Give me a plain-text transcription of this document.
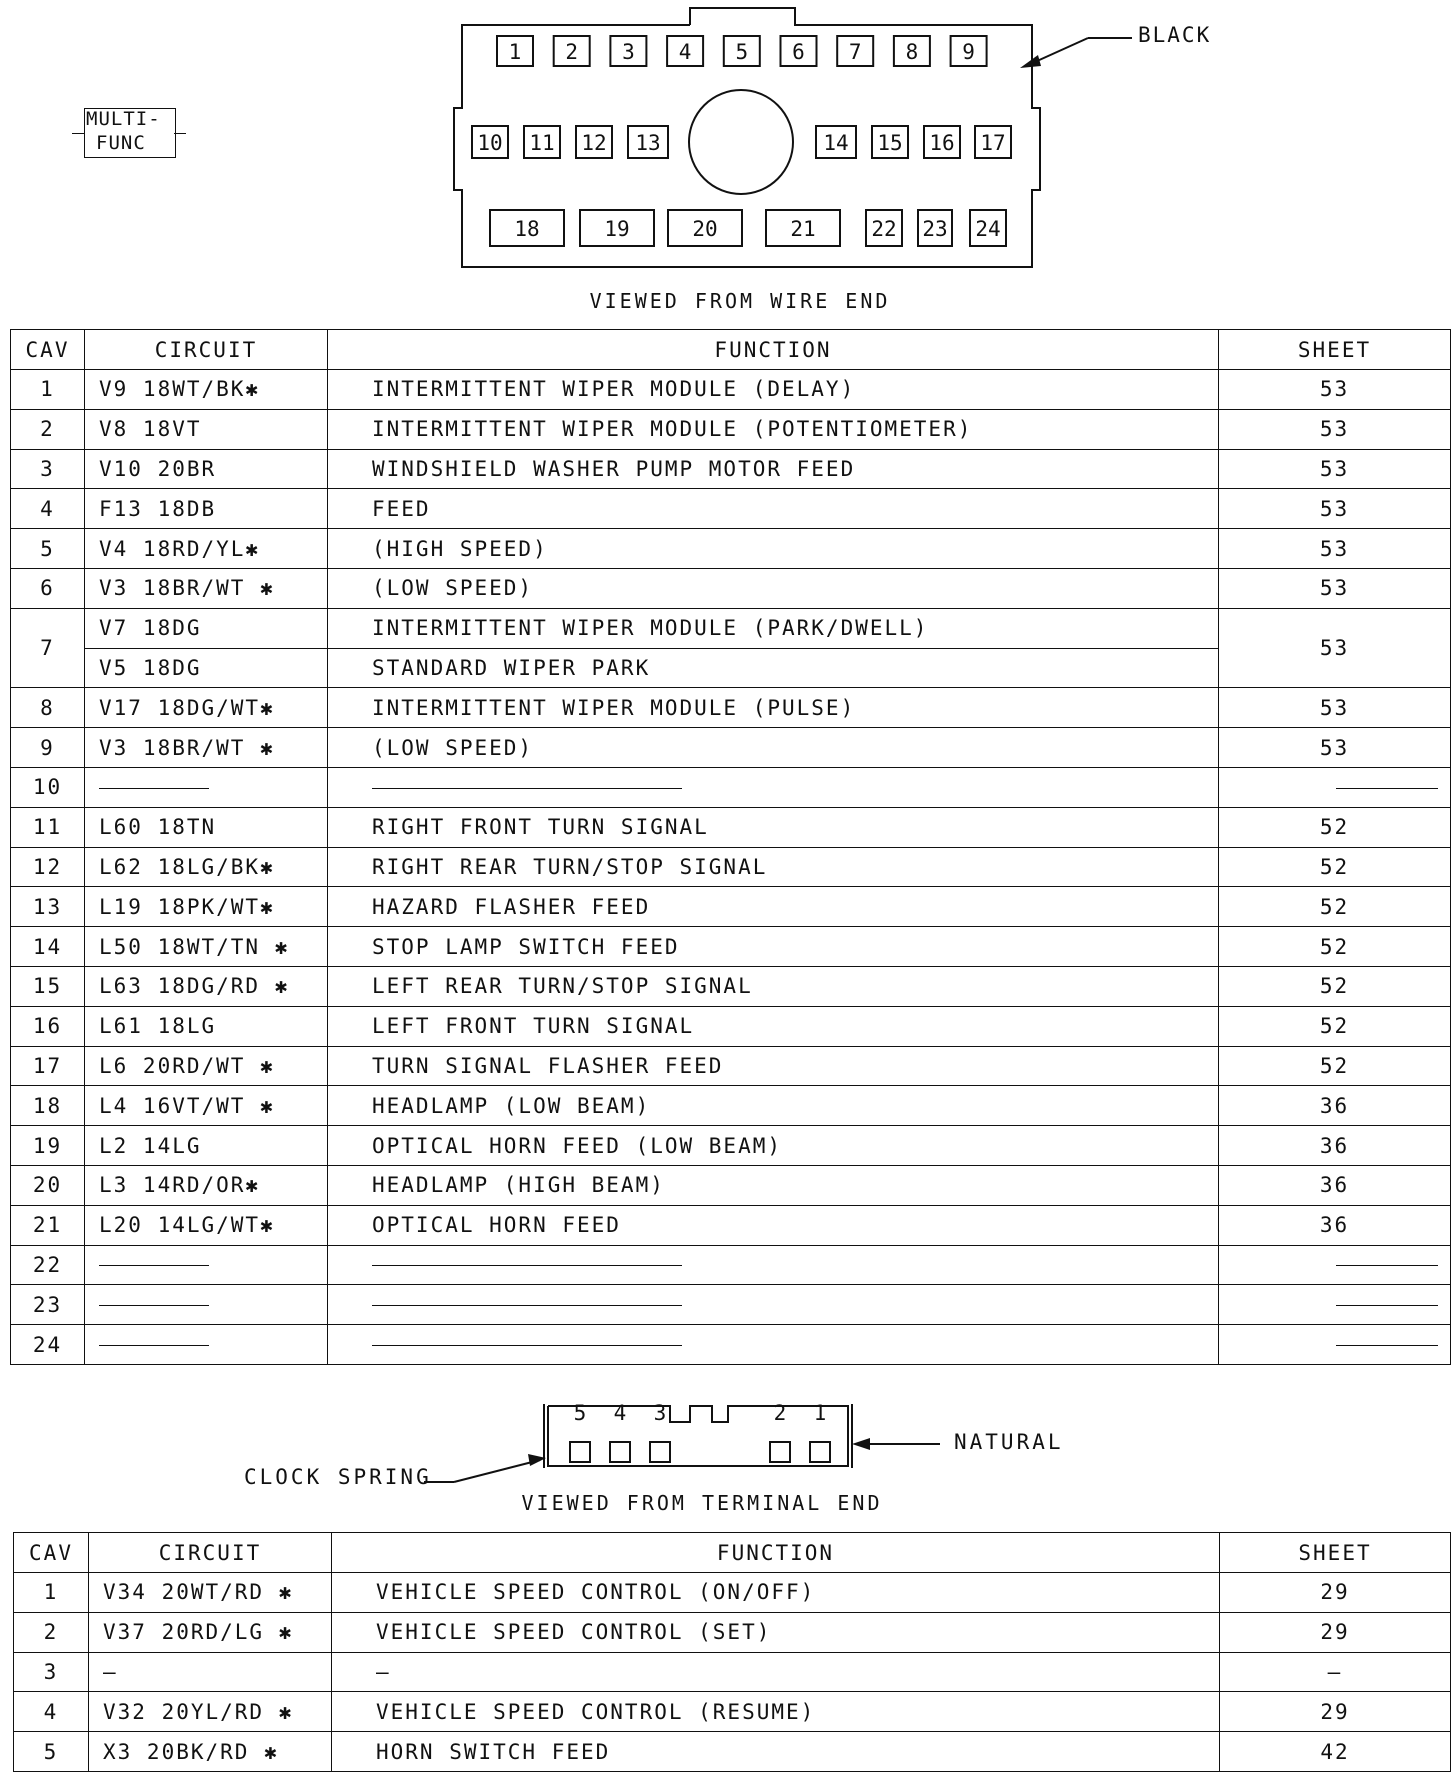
MULTI-
FUNC
BLACK
1 2 3 4 5 6 7 8 9
10 11 12 13	14 15 16 17
18	19	20	21	22 23 24
VIEWED FROM WIRE END
CAV	CIRCUIT	FUNCTION	SHEET
1	V9 18WT/BK✱	INTERMITTENT WIPER MODULE (DELAY)	53
2	V8 18VT	INTERMITTENT WIPER MODULE (POTENTIOMETER)	53
3	V10 20BR	WINDSHIELD WASHER PUMP MOTOR FEED	53
4	F13 18DB	FEED	53
5	V4 18RD/YL✱	(HIGH SPEED)	53
6	V3 18BR/WT ✱	(LOW SPEED)	53
7	V7 18DG	INTERMITTENT WIPER MODULE (PARK/DWELL)	53
	V5 18DG	STANDARD WIPER PARK	
8	V17 18DG/WT✱	INTERMITTENT WIPER MODULE (PULSE)	53
9	V3 18BR/WT ✱	(LOW SPEED)	53
10			
11	L60 18TN	RIGHT FRONT TURN SIGNAL	52
12	L62 18LG/BK✱	RIGHT REAR TURN/STOP SIGNAL	52
13	L19 18PK/WT✱	HAZARD FLASHER FEED	52
14	L50 18WT/TN ✱	STOP LAMP SWITCH FEED	52
15	L63 18DG/RD ✱	LEFT REAR TURN/STOP SIGNAL	52
16	L61 18LG	LEFT FRONT TURN SIGNAL	52
17	L6 20RD/WT ✱	TURN SIGNAL FLASHER FEED	52
18	L4 16VT/WT ✱	HEADLAMP (LOW BEAM)	36
19	L2 14LG	OPTICAL HORN FEED (LOW BEAM)	36
20	L3 14RD/OR✱	HEADLAMP (HIGH BEAM)	36
21	L20 14LG/WT✱	OPTICAL HORN FEED	36
22			
23			
24			
5 4 3	2 1
CLOCK SPRING
NATURAL
VIEWED FROM TERMINAL END
CAV	CIRCUIT	FUNCTION	SHEET
1	V34 20WT/RD ✱	VEHICLE SPEED CONTROL (ON/OFF)	29
2	V37 20RD/LG ✱	VEHICLE SPEED CONTROL (SET)	29
3	—	—	—
4	V32 20YL/RD ✱	VEHICLE SPEED CONTROL (RESUME)	29
5	X3 20BK/RD ✱	HORN SWITCH FEED	42
